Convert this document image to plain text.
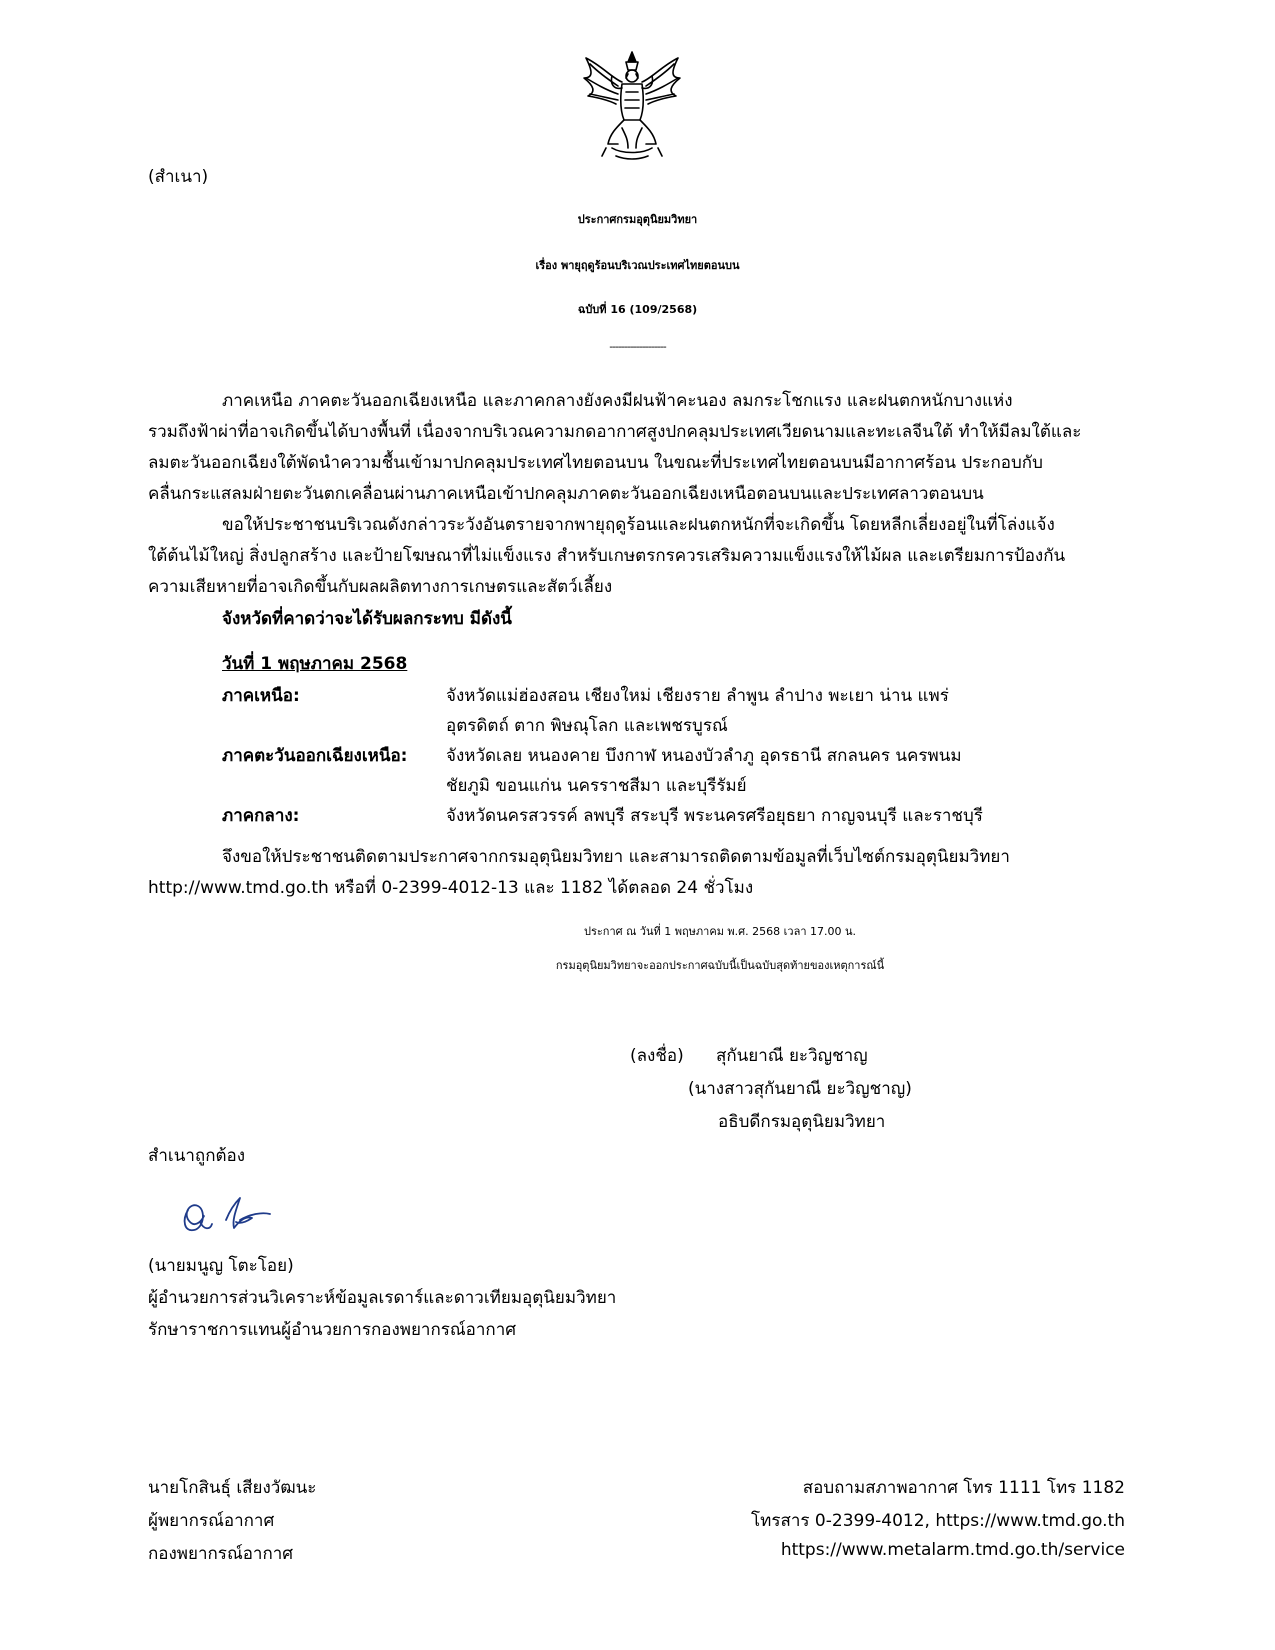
(สำเนา)
ประกาศกรมอุตุนิยมวิทยา
เรื่อง พายุฤดูร้อนบริเวณประเทศไทยตอนบน
ฉบับที่ 16 (109/2568)
-------------------
ภาคเหนือ ภาคตะวันออกเฉียงเหนือ และภาคกลางยังคงมีฝนฟ้าคะนอง ลมกระโชกแรง และฝนตกหนักบางแห่ง
รวมถึงฟ้าผ่าที่อาจเกิดขึ้นได้บางพื้นที่ เนื่องจากบริเวณความกดอากาศสูงปกคลุมประเทศเวียดนามและทะเลจีนใต้ ทำให้มีลมใต้และ
ลมตะวันออกเฉียงใต้พัดนำความชื้นเข้ามาปกคลุมประเทศไทยตอนบน ในขณะที่ประเทศไทยตอนบนมีอากาศร้อน ประกอบกับ
คลื่นกระแสลมฝ่ายตะวันตกเคลื่อนผ่านภาคเหนือเข้าปกคลุมภาคตะวันออกเฉียงเหนือตอนบนและประเทศลาวตอนบน
ขอให้ประชาชนบริเวณดังกล่าวระวังอันตรายจากพายุฤดูร้อนและฝนตกหนักที่จะเกิดขึ้น โดยหลีกเลี่ยงอยู่ในที่โล่งแจ้ง
ใต้ต้นไม้ใหญ่ สิ่งปลูกสร้าง และป้ายโฆษณาที่ไม่แข็งแรง สำหรับเกษตรกรควรเสริมความแข็งแรงให้ไม้ผล และเตรียมการป้องกัน
ความเสียหายที่อาจเกิดขึ้นกับผลผลิตทางการเกษตรและสัตว์เลี้ยง
จังหวัดที่คาดว่าจะได้รับผลกระทบ มีดังนี้
วันที่ 1 พฤษภาคม 2568
ภาคเหนือ:	จังหวัดแม่ฮ่องสอน เชียงใหม่ เชียงราย ลำพูน ลำปาง พะเยา น่าน แพร่
อุตรดิตถ์ ตาก พิษณุโลก และเพชรบูรณ์
ภาคตะวันออกเฉียงเหนือ: จังหวัดเลย หนองคาย บึงกาฬ หนองบัวลำภู อุดรธานี สกลนคร นครพนม
ชัยภูมิ ขอนแก่น นครราชสีมา และบุรีรัมย์
ภาคกลาง:	จังหวัดนครสวรรค์ ลพบุรี สระบุรี พระนครศรีอยุธยา กาญจนบุรี และราชบุรี
จึงขอให้ประชาชนติดตามประกาศจากกรมอุตุนิยมวิทยา และสามารถติดตามข้อมูลที่เว็บไซต์กรมอุตุนิยมวิทยา
http://www.tmd.go.th หรือที่ 0-2399-4012-13 และ 1182 ได้ตลอด 24 ชั่วโมง
ประกาศ ณ วันที่ 1 พฤษภาคม พ.ศ. 2568 เวลา 17.00 น.
กรมอุตุนิยมวิทยาจะออกประกาศฉบับนี้เป็นฉบับสุดท้ายของเหตุการณ์นี้
(ลงชื่อ) สุกันยาณี ยะวิญชาญ
(นางสาวสุกันยาณี ยะวิญชาญ)
อธิบดีกรมอุตุนิยมวิทยา
สำเนาถูกต้อง
(นายมนูญ โตะโอย)
ผู้อำนวยการส่วนวิเคราะห์ข้อมูลเรดาร์และดาวเทียมอุตุนิยมวิทยา
รักษาราชการแทนผู้อำนวยการกองพยากรณ์อากาศ
นายโกสินธุ์ เสียงวัฒนะ
ผู้พยากรณ์อากาศ
กองพยากรณ์อากาศ
สอบถามสภาพอากาศ โทร 1111 โทร 1182
โทรสาร 0-2399-4012, https://www.tmd.go.th
https://www.metalarm.tmd.go.th/service
